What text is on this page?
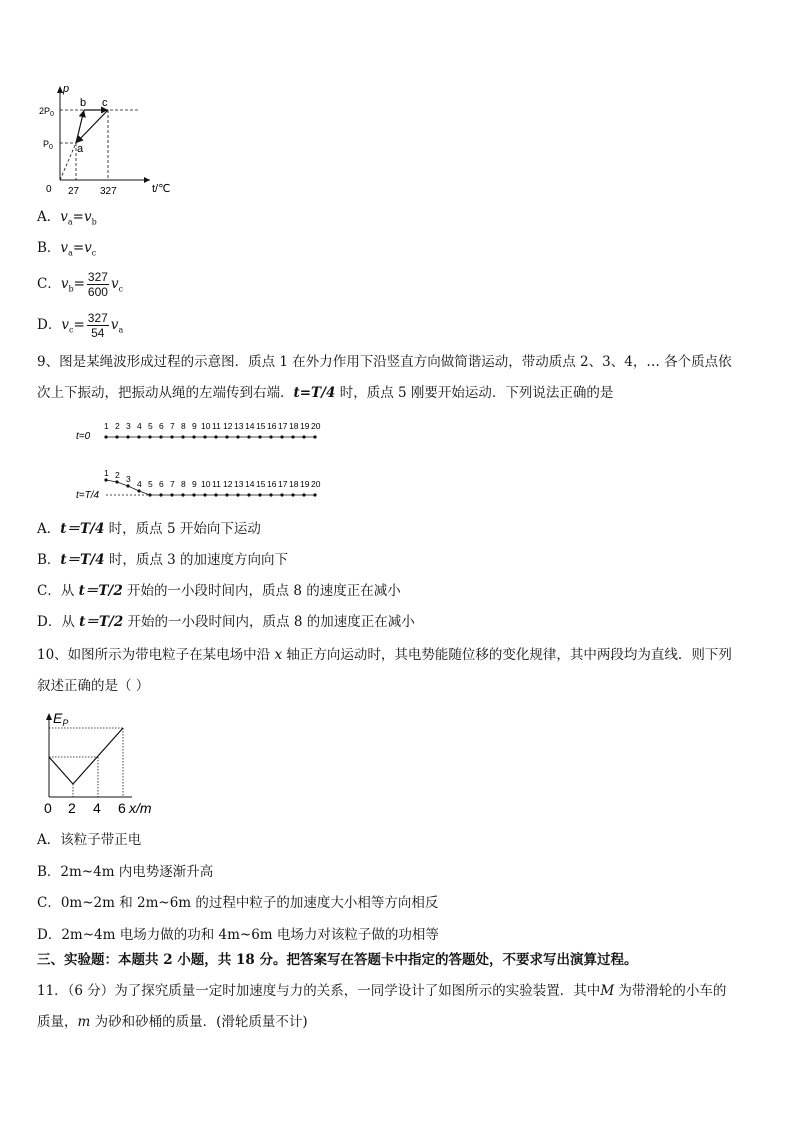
p
$2P_0$
$P_0$
0 27 327	t/℃
a
b c
A．$v_a=v_b$
B．$v_a=v_c$
C．$v_b= \frac{327}{600} v_c$
D．$v_c= \frac{327}{54} v_a$
9、图是某绳波形成过程的示意图．质点 1 在外力作用下沿竖直方向做简谐运动，带动质点 2、3、4，… 各个质点依
次上下振动，把振动从绳的左端传到右端．t=T/4 时，质点 5 刚要开始运动．下列说法正确的是
t=0
t=T/4
1 2 3 4 5 6 7 8 9 10 11 12 13 14 15 16 17 18 19 20
1 2 3 4 5 6 7 8 9 10 11 12 13 14 15 16 17 18 19 20
A．t＝T/4 时，质点 5 开始向下运动
B．t＝T/4 时，质点 3 的加速度方向向下
C．从 t＝T/2 开始的一小段时间内，质点 8 的速度正在减小
D．从 t＝T/2 开始的一小段时间内，质点 8 的加速度正在减小
10、如图所示为带电粒子在某电场中沿 x 轴正方向运动时，其电势能随位移的变化规律，其中两段均为直线．则下列
叙述正确的是（ ）
$E_P$
0 2 4 6 x/m
A．该粒子带正电
B．2m~4m 内电势逐渐升高
C．0m~2m 和 2m~6m 的过程中粒子的加速度大小相等方向相反
D．2m~4m 电场力做的功和 4m~6m 电场力对该粒子做的功相等
三、实验题：本题共 2 小题，共 18 分。把答案写在答题卡中指定的答题处，不要求写出演算过程。
11．（6 分）为了探究质量一定时加速度与力的关系，一同学设计了如图所示的实验装置．其中M 为带滑轮的小车的
质量，m 为砂和砂桶的质量．(滑轮质量不计)
